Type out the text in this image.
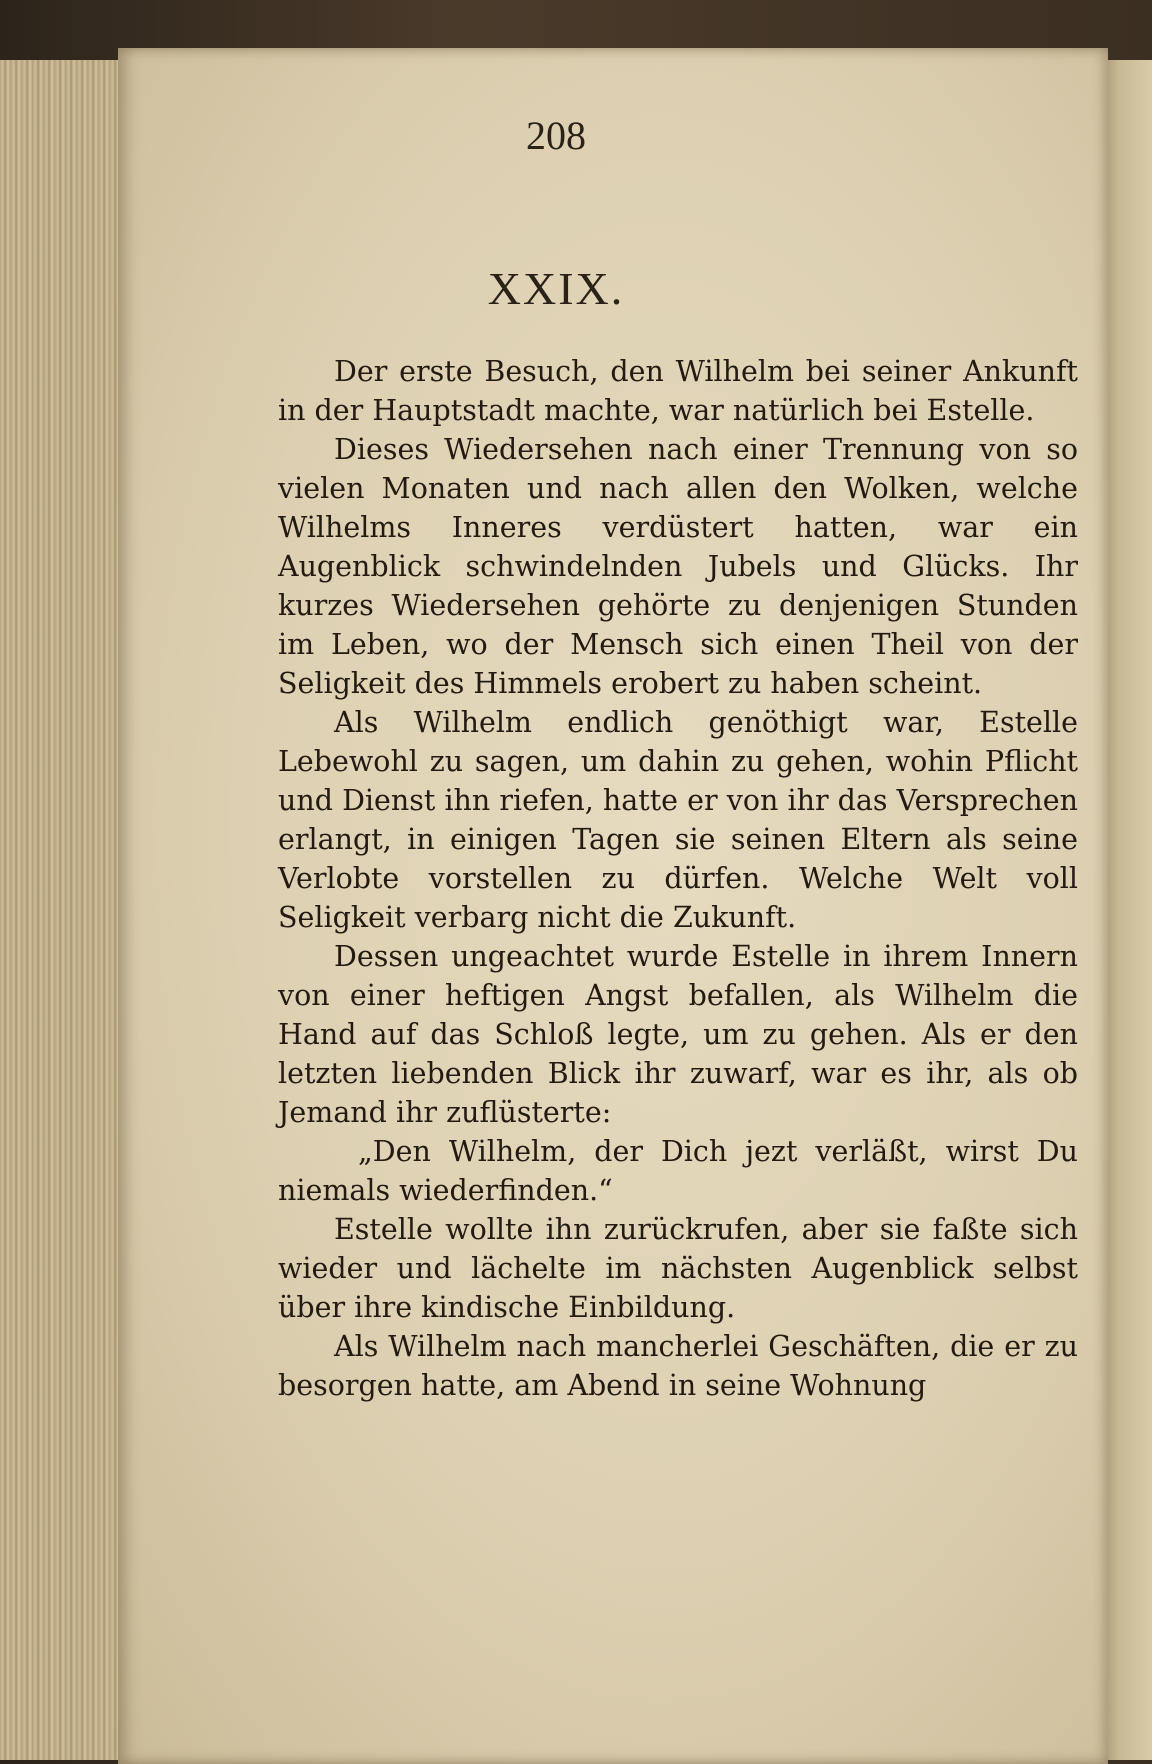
208
XXIX.

Der erste Besuch, den Wilhelm bei seiner Ankunft in der Hauptstadt machte, war natürlich bei Estelle.

Dieses Wiedersehen nach einer Trennung von so vielen Monaten und nach allen den Wolken, welche Wilhelms Inneres verdüstert hatten, war ein Augenblick schwindelnden Jubels und Glücks. Ihr kurzes Wiedersehen gehörte zu denjenigen Stunden im Leben, wo der Mensch sich einen Theil von der Seligkeit des Himmels erobert zu haben scheint.

Als Wilhelm endlich genöthigt war, Estelle Lebewohl zu sagen, um dahin zu gehen, wohin Pflicht und Dienst ihn riefen, hatte er von ihr das Versprechen erlangt, in einigen Tagen sie seinen Eltern als seine Verlobte vorstellen zu dürfen. Welche Welt voll Seligkeit verbarg nicht die Zukunft.

Dessen ungeachtet wurde Estelle in ihrem Innern von einer heftigen Angst befallen, als Wilhelm die Hand auf das Schloß legte, um zu gehen. Als er den letzten liebenden Blick ihr zuwarf, war es ihr, als ob Jemand ihr zuflüsterte:

„Den Wilhelm, der Dich jezt verläßt, wirst Du niemals wiederfinden.“

Estelle wollte ihn zurückrufen, aber sie faßte sich wieder und lächelte im nächsten Augenblick selbst über ihre kindische Einbildung.

Als Wilhelm nach mancherlei Geschäften, die er zu besorgen hatte, am Abend in seine Wohnung
